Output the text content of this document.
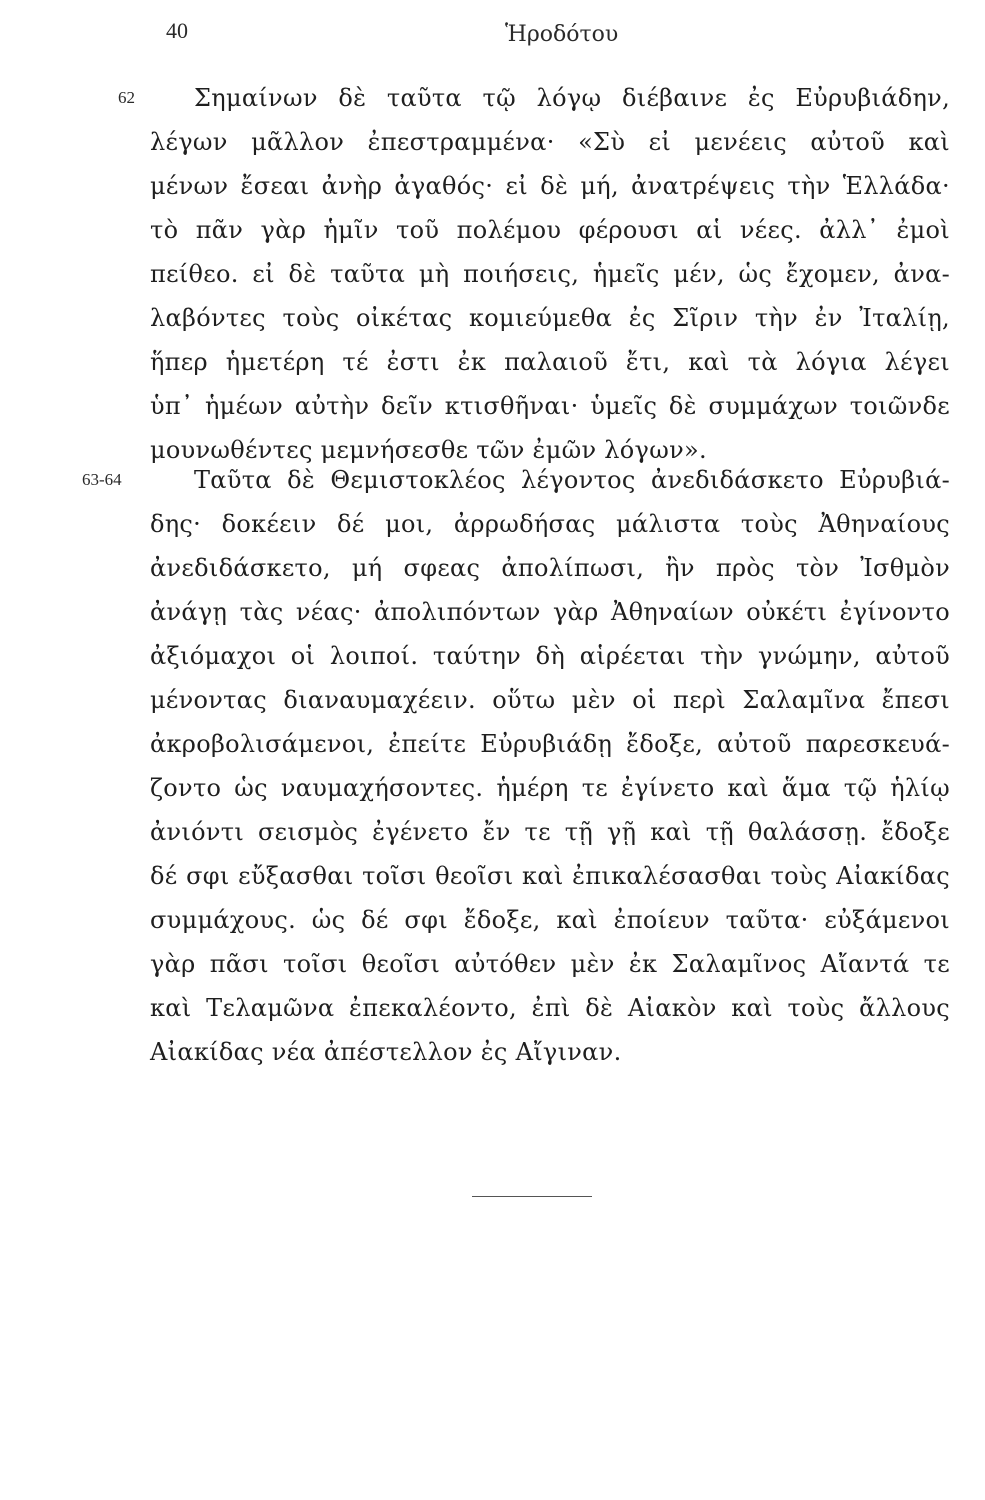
40	Ἡροδότου
62	Σημαίνων δὲ ταῦτα τῷ λόγῳ διέβαινε ἐς Εὐρυβιάδην,
λέγων μᾶλλον ἐπεστραμμένα· «Σὺ εἰ μενέεις αὐτοῦ καὶ
μένων ἔσεαι ἀνὴρ ἀγαθός· εἰ δὲ μή, ἀνατρέψεις τὴν Ἑλλάδα·
τὸ πᾶν γὰρ ἡμῖν τοῦ πολέμου φέρουσι αἱ νέες. ἀλλ᾽ ἐμοὶ
πείθεο. εἰ δὲ ταῦτα μὴ ποιήσεις, ἡμεῖς μέν, ὡς ἔχομεν, ἀνα-
λαβόντες τοὺς οἰκέτας κομιεύμεθα ἐς Σῖριν τὴν ἐν Ἰταλίῃ,
ἥπερ ἡμετέρη τέ ἐστι ἐκ παλαιοῦ ἔτι, καὶ τὰ λόγια λέγει
ὑπ᾽ ἡμέων αὐτὴν δεῖν κτισθῆναι· ὑμεῖς δὲ συμμάχων τοιῶνδε
μουνωθέντες μεμνήσεσθε τῶν ἐμῶν λόγων».
63-64	Ταῦτα δὲ Θεμιστοκλέος λέγοντος ἀνεδιδάσκετο Εὐρυβιά-
δης· δοκέειν δέ μοι, ἀρρωδήσας μάλιστα τοὺς Ἀθηναίους
ἀνεδιδάσκετο, μή σφεας ἀπολίπωσι, ἢν πρὸς τὸν Ἰσθμὸν
ἀνάγῃ τὰς νέας· ἀπολιπόντων γὰρ Ἀθηναίων οὐκέτι ἐγίνοντο
ἀξιόμαχοι οἱ λοιποί. ταύτην δὴ αἱρέεται τὴν γνώμην, αὐτοῦ
μένοντας διαναυμαχέειν. οὕτω μὲν οἱ περὶ Σαλαμῖνα ἔπεσι
ἀκροβολισάμενοι, ἐπείτε Εὐρυβιάδῃ ἔδοξε, αὐτοῦ παρεσκευά-
ζοντο ὡς ναυμαχήσοντες. ἡμέρη τε ἐγίνετο καὶ ἅμα τῷ ἡλίῳ
ἀνιόντι σεισμὸς ἐγένετο ἔν τε τῇ γῇ καὶ τῇ θαλάσσῃ. ἔδοξε
δέ σφι εὔξασθαι τοῖσι θεοῖσι καὶ ἐπικαλέσασθαι τοὺς Αἰακίδας
συμμάχους. ὡς δέ σφι ἔδοξε, καὶ ἐποίευν ταῦτα· εὐξάμενοι
γὰρ πᾶσι τοῖσι θεοῖσι αὐτόθεν μὲν ἐκ Σαλαμῖνος Αἴαντά τε
καὶ Τελαμῶνα ἐπεκαλέοντο, ἐπὶ δὲ Αἰακὸν καὶ τοὺς ἄλλους
Αἰακίδας νέα ἀπέστελλον ἐς Αἴγιναν.
